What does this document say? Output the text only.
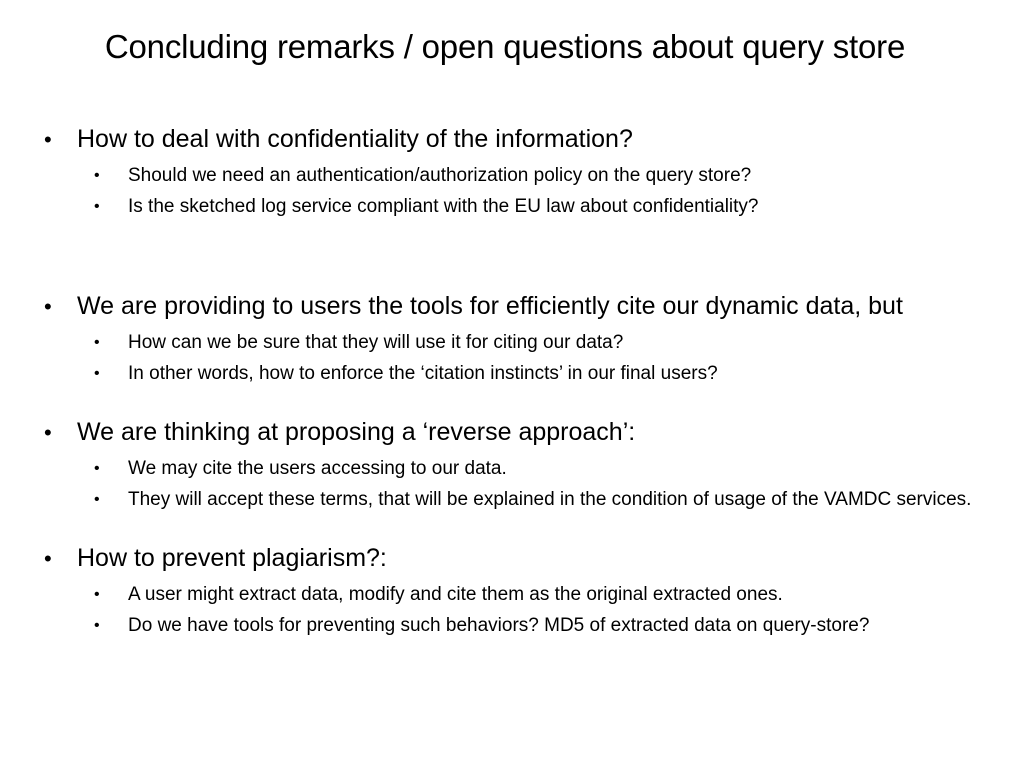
Concluding remarks / open questions about query store
•	How to deal with confidentiality of the information?
•	Should we need an authentication/authorization policy on the query store?
•	Is the sketched log service compliant with the EU law about confidentiality?
•	We are providing to users the tools for efficiently cite our dynamic data, but
•	How can we be sure that they will use it for citing our data?
•	In other words, how to enforce the ‘citation instincts’ in our final users?
•	We are thinking at proposing a ‘reverse approach’:
•	We may cite the users accessing to our data.
•	They will accept these terms, that will be explained in the condition of usage of the VAMDC services.
•	How to prevent plagiarism?:
•	A user might extract data, modify and cite them as the original extracted ones.
•	Do we have tools for preventing such behaviors? MD5 of extracted data on query-store?
